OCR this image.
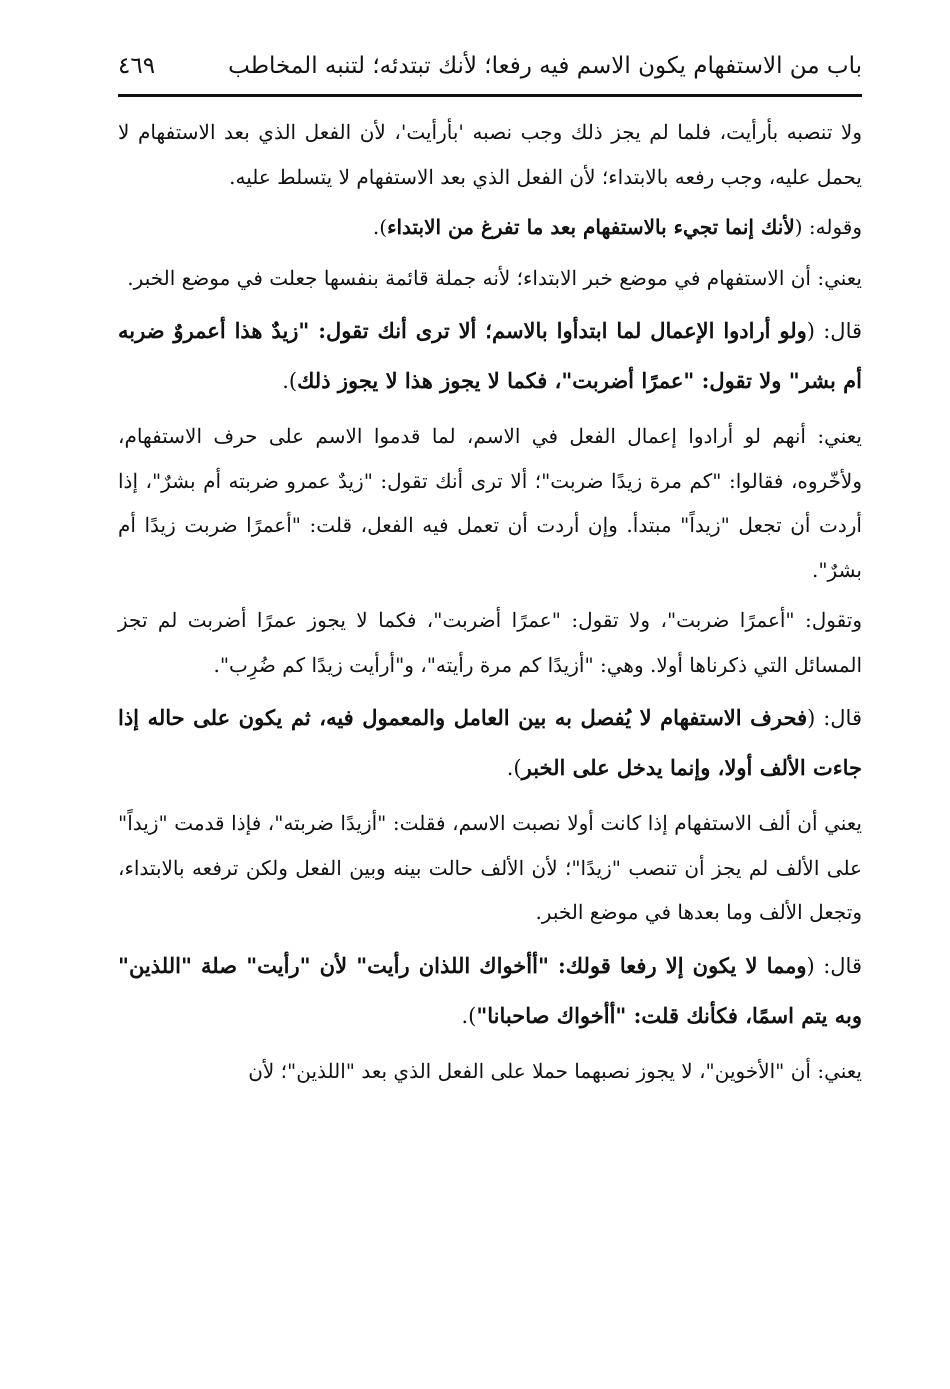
باب من الاستفهام يكون الاسم فيه رفعا؛ لأنك تبتدئه؛ لتنبه المخاطب
٤٦٩

ولا تنصبه بأرأيت، فلما لم يجز ذلك وجب نصبه 'بأرأيت'، لأن الفعل الذي بعد الاستفهام لا يحمل عليه، وجب رفعه بالابتداء؛ لأن الفعل الذي بعد الاستفهام لا يتسلط عليه.

وقوله: (لأنك إنما تجيء بالاستفهام بعد ما تفرغ من الابتداء).

يعني: أن الاستفهام في موضع خبر الابتداء؛ لأنه جملة قائمة بنفسها جعلت في موضع الخبر.

قال: (ولو أرادوا الإعمال لما ابتدأوا بالاسم؛ ألا ترى أنك تقول: "زيدٌ هذا أعمروٌ ضربه أم بشر" ولا تقول: "عمرًا أضربت"، فكما لا يجوز هذا لا يجوز ذلك).

يعني: أنهم لو أرادوا إعمال الفعل في الاسم، لما قدموا الاسم على حرف الاستفهام، ولأخّروه، فقالوا: "كم مرة زيدًا ضربت"؛ ألا ترى أنك تقول: "زيدٌ عمرو ضربته أم بشرٌ"، إذا أردت أن تجعل "زيداً" مبتدأ. وإن أردت أن تعمل فيه الفعل، قلت: "أعمرًا ضربت زيدًا أم بشرٌ".

وتقول: "أعمرًا ضربت"، ولا تقول: "عمرًا أضربت"، فكما لا يجوز عمرًا أضربت لم تجز المسائل التي ذكرناها أولا. وهي: "أزيدًا كم مرة رأيته"، و"أرأيت زيدًا كم ضُرِب".

قال: (فحرف الاستفهام لا يُفصل به بين العامل والمعمول فيه، ثم يكون على حاله إذا جاءت الألف أولا، وإنما يدخل على الخبر).

يعني أن ألف الاستفهام إذا كانت أولا نصبت الاسم، فقلت: "أزيدًا ضربته"، فإذا قدمت "زيداً" على الألف لم يجز أن تنصب "زيدًا"؛ لأن الألف حالت بينه وبين الفعل ولكن ترفعه بالابتداء، وتجعل الألف وما بعدها في موضع الخبر.

قال: (ومما لا يكون إلا رفعا قولك: "أأخواك اللذان رأيت" لأن "رأيت" صلة "اللذين" وبه يتم اسمًا، فكأنك قلت: "أأخواك صاحبانا").

يعني: أن "الأخوين"، لا يجوز نصبهما حملا على الفعل الذي بعد "اللذين"؛ لأن
